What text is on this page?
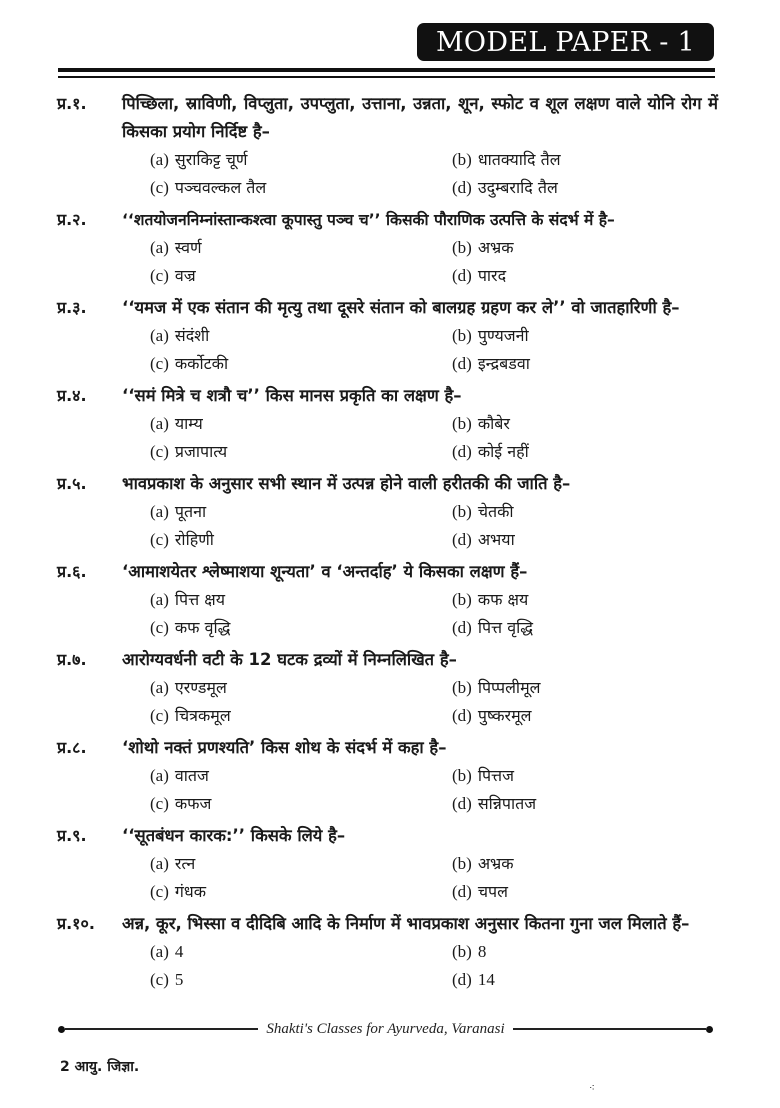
MODEL PAPER - 1
प्र.१. पिच्छिला, स्राविणी, विप्लुता, उपप्लुता, उत्ताना, उन्नता, शून, स्फोट व शूल लक्षण वाले योनि रोग में किसका प्रयोग निर्दिष्ट है–
(a) सुराकिट्ट चूर्ण	(b) धातक्यादि तैल
(c) पञ्चवल्कल तैल	(d) उदुम्बरादि तैल
प्र.२. ‘‘शतयोजननिम्नांस्तान्कश्त्वा कूपास्तु पञ्च च’’ किसकी पौराणिक उत्पत्ति के संदर्भ में है–
(a) स्वर्ण	(b) अभ्रक
(c) वज्र	(d) पारद
प्र.३. ‘‘यमज में एक संतान की मृत्यु तथा दूसरे संतान को बालग्रह ग्रहण कर ले’’ वो जातहारिणी है–
(a) संदंशी	(b) पुण्यजनी
(c) कर्कोटकी	(d) इन्द्रबडवा
प्र.४. ‘‘समं मित्रे च शत्रौ च’’ किस मानस प्रकृति का लक्षण है–
(a) याम्य	(b) कौबेर
(c) प्रजापात्य	(d) कोई नहीं
प्र.५. भावप्रकाश के अनुसार सभी स्थान में उत्पन्न होने वाली हरीतकी की जाति है–
(a) पूतना	(b) चेतकी
(c) रोहिणी	(d) अभया
प्र.६. ‘आमाशयेतर श्लेष्माशया शून्यता’ व ‘अन्तर्दाह’ ये किसका लक्षण हैं–
(a) पित्त क्षय	(b) कफ क्षय
(c) कफ वृद्धि	(d) पित्त वृद्धि
प्र.७. आरोग्यवर्धनी वटी के 12 घटक द्रव्यों में निम्नलिखित है–
(a) एरण्डमूल	(b) पिप्पलीमूल
(c) चित्रकमूल	(d) पुष्करमूल
प्र.८. ‘शोथो नक्तं प्रणश्यति’ किस शोथ के संदर्भ में कहा है–
(a) वातज	(b) पित्तज
(c) कफज	(d) सन्निपातज
प्र.९. ‘‘सूतबंधन कारक:’’ किसके लिये है–
(a) रत्न	(b) अभ्रक
(c) गंधक	(d) चपल
प्र.१०. अन्न, कूर, भिस्सा व दीदिबि आदि के निर्माण में भावप्रकाश अनुसार कितना गुना जल मिलाते हैं–
(a) 4	(b) 8
(c) 5	(d) 14
Shakti's Classes for Ayurveda, Varanasi
2 आयु. जिज्ञा.
⁖
